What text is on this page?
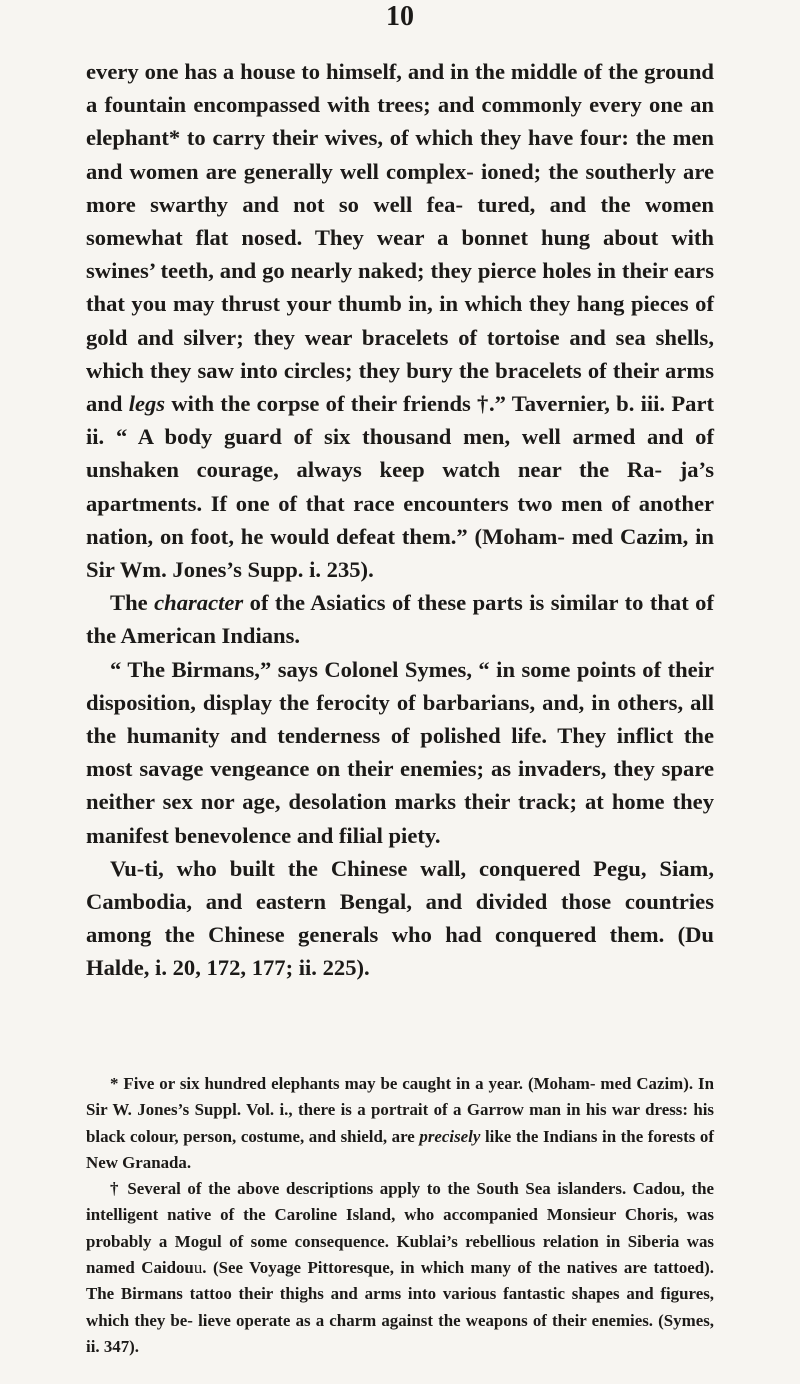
10

every one has a house to himself, and in the middle of the ground a fountain encompassed with trees; and commonly every one an elephant* to carry their wives, of which they have four: the men and women are generally well complex- ioned; the southerly are more swarthy and not so well fea- tured, and the women somewhat flat nosed. They wear a bonnet hung about with swines’ teeth, and go nearly naked; they pierce holes in their ears that you may thrust your thumb in, in which they hang pieces of gold and silver; they wear bracelets of tortoise and sea shells, which they saw into circles; they bury the bracelets of their arms and legs with the corpse of their friends †.” Tavernier, b. iii. Part ii. “ A body guard of six thousand men, well armed and of unshaken courage, always keep watch near the Ra- ja’s apartments. If one of that race encounters two men of another nation, on foot, he would defeat them.” (Moham- med Cazim, in Sir Wm. Jones’s Supp. i. 235).

The character of the Asiatics of these parts is similar to that of the American Indians.

“ The Birmans,” says Colonel Symes, “ in some points of their disposition, display the ferocity of barbarians, and, in others, all the humanity and tenderness of polished life. They inflict the most savage vengeance on their enemies; as invaders, they spare neither sex nor age, desolation marks their track; at home they manifest benevolence and filial piety.

Vu-ti, who built the Chinese wall, conquered Pegu, Siam, Cambodia, and eastern Bengal, and divided those countries among the Chinese generals who had conquered them. (Du Halde, i. 20, 172, 177; ii. 225).

* Five or six hundred elephants may be caught in a year. (Moham- med Cazim). In Sir W. Jones’s Suppl. Vol. i., there is a portrait of a Garrow man in his war dress: his black colour, person, costume, and shield, are precisely like the Indians in the forests of New Granada.

† Several of the above descriptions apply to the South Sea islanders. Cadou, the intelligent native of the Caroline Island, who accompanied Monsieur Choris, was probably a Mogul of some consequence. Kublai’s rebellious relation in Siberia was named Caidouu. (See Voyage Pittoresque, in which many of the natives are tattoed). The Birmans tattoo their thighs and arms into various fantastic shapes and figures, which they be- lieve operate as a charm against the weapons of their enemies. (Symes, ii. 347).
